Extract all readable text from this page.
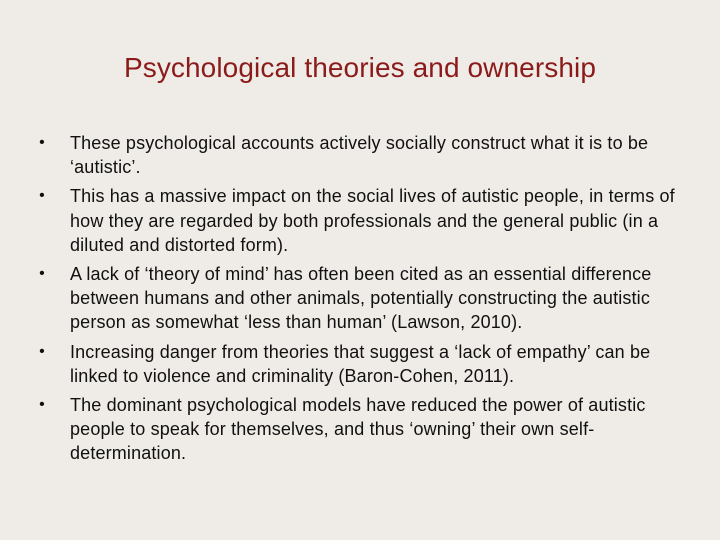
Psychological theories and ownership
• These psychological accounts actively socially construct what it is to be ‘autistic’.
• This has a massive impact on the social lives of autistic people, in terms of how they are regarded by both professionals and the general public (in a diluted and distorted form).
• A lack of ‘theory of mind’ has often been cited as an essential difference between humans and other animals, potentially constructing the autistic person as somewhat ‘less than human’ (Lawson, 2010).
• Increasing danger from theories that suggest a ‘lack of empathy’ can be linked to violence and criminality (Baron-Cohen, 2011).
• The dominant psychological models have reduced the power of autistic people to speak for themselves, and thus ‘owning’ their own self-determination.
